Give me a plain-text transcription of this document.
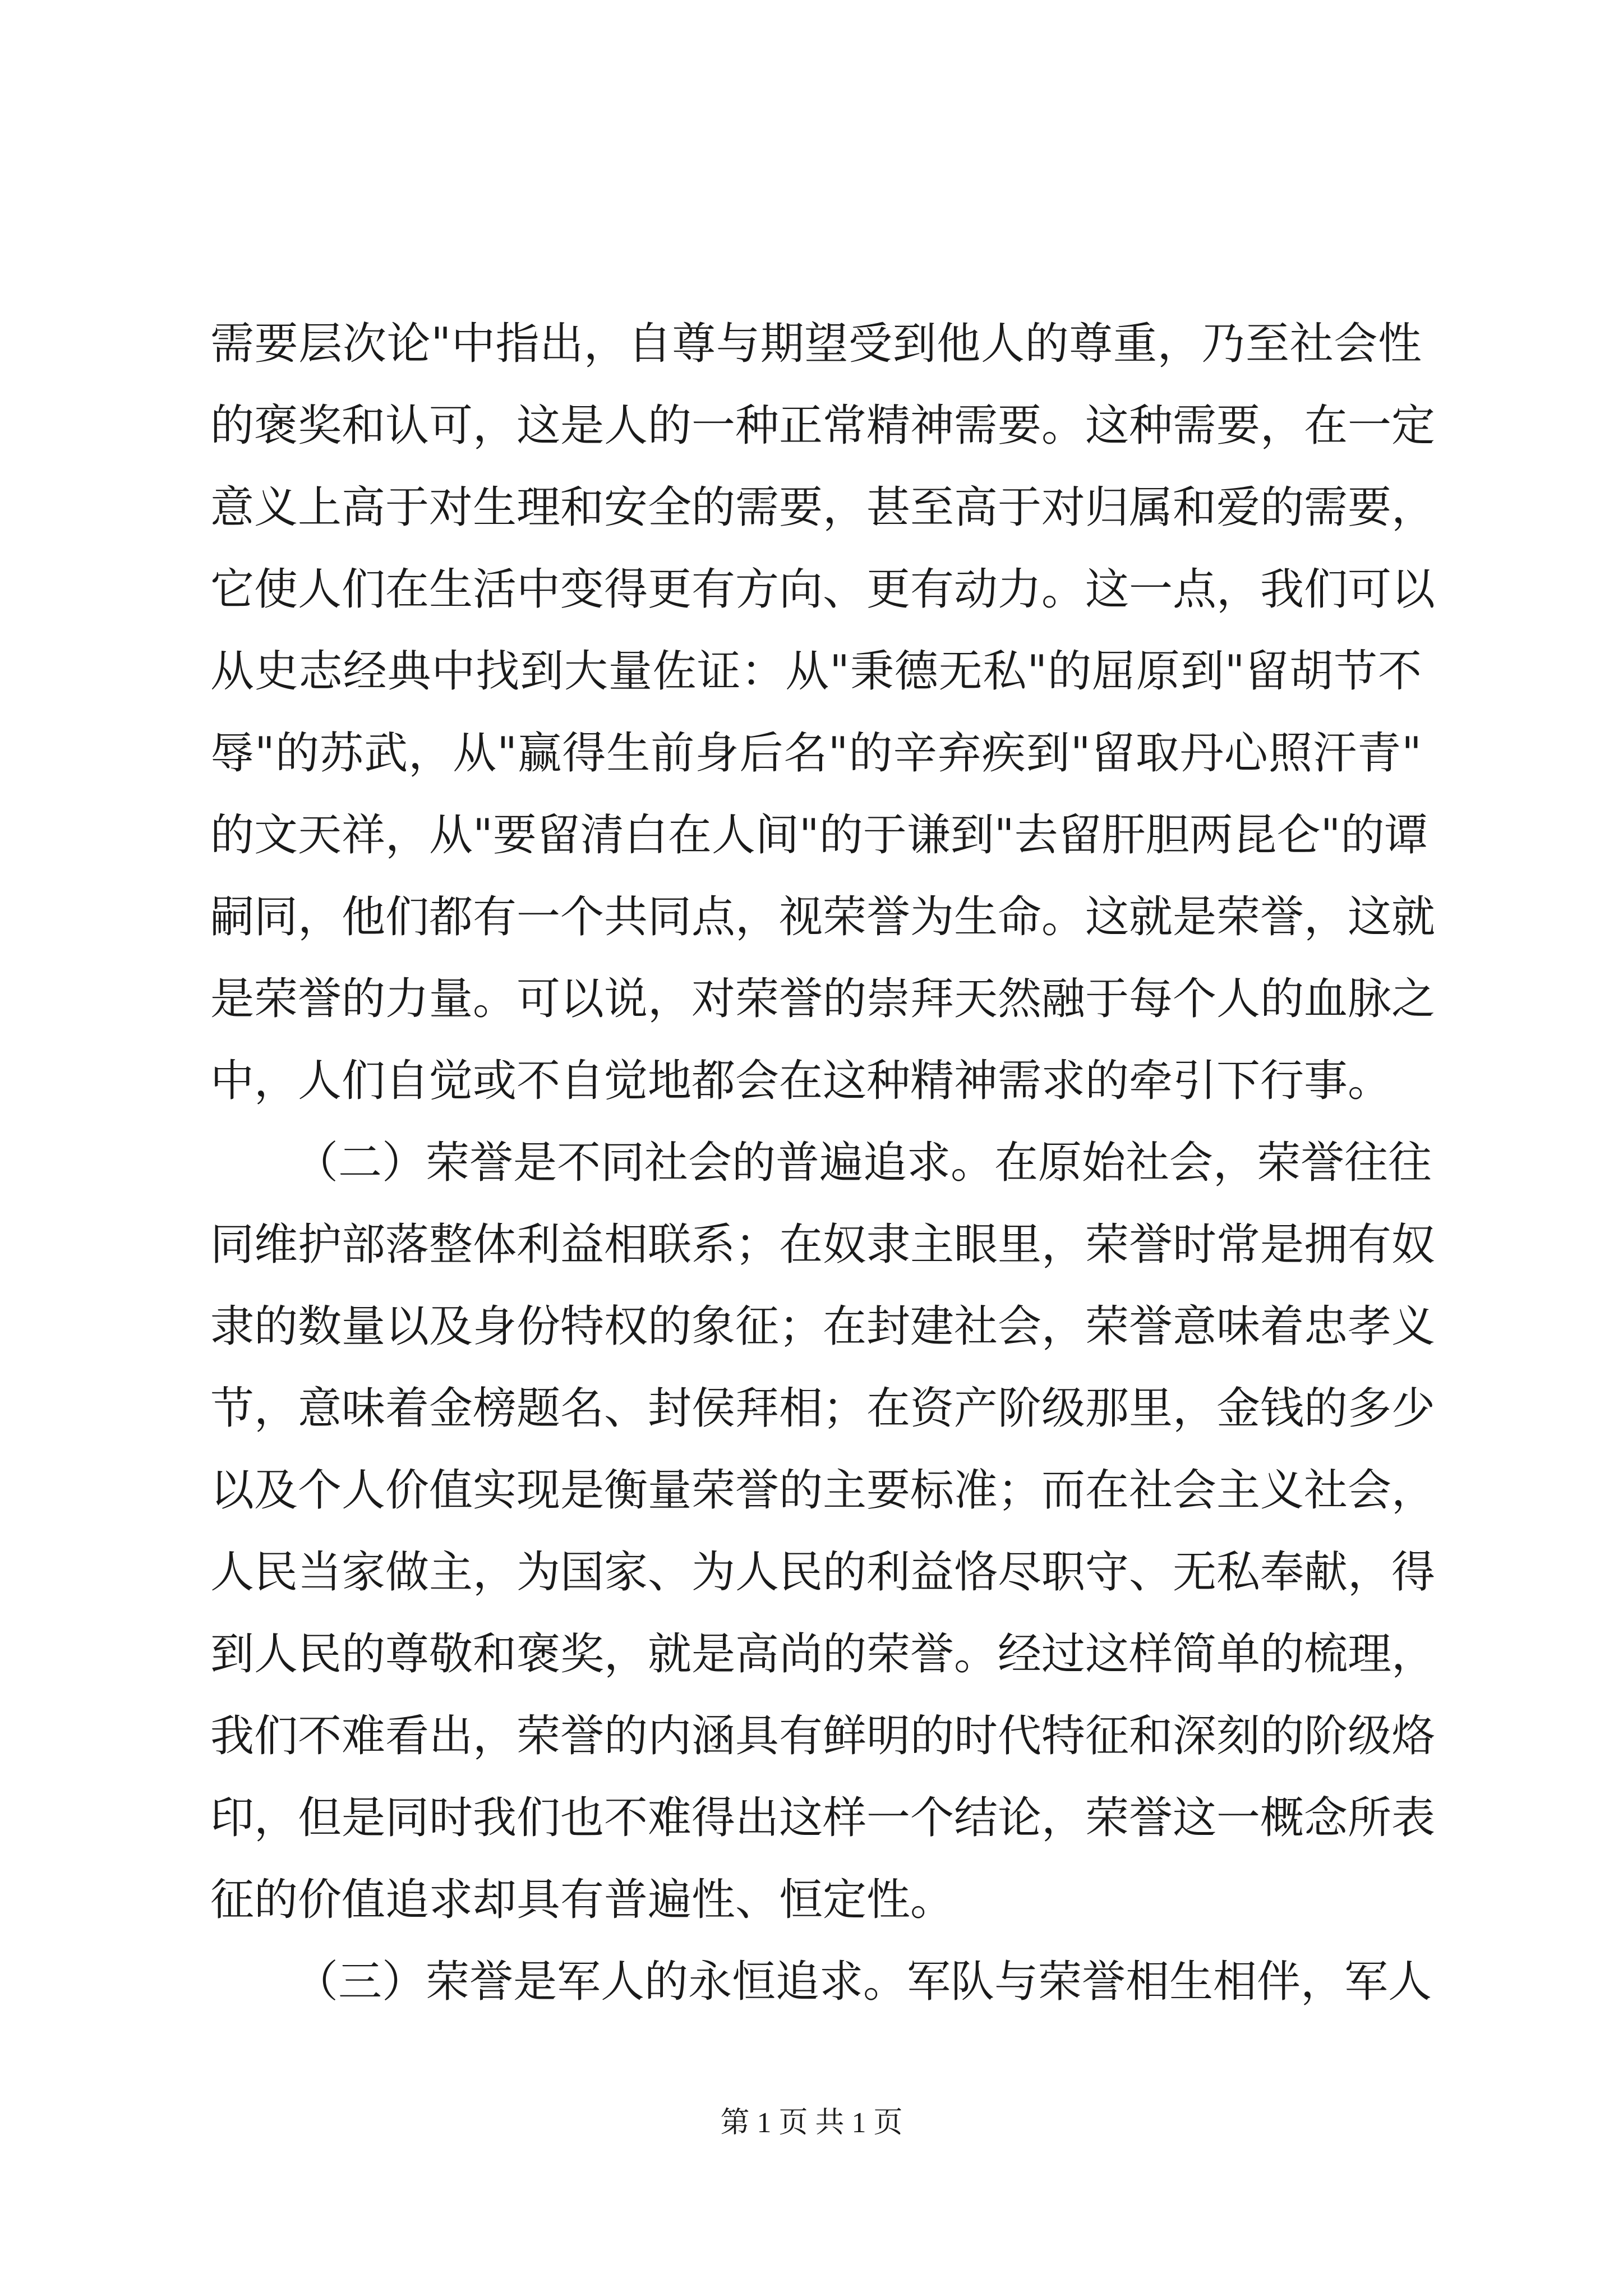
需要层次论"中指出，自尊与期望受到他人的尊重，乃至社会性
的褒奖和认可，这是人的一种正常精神需要。这种需要，在一定
意义上高于对生理和安全的需要，甚至高于对归属和爱的需要，
它使人们在生活中变得更有方向、更有动力。这一点，我们可以
从史志经典中找到大量佐证：从"秉德无私"的屈原到"留胡节不
辱"的苏武，从"赢得生前身后名"的辛弃疾到"留取丹心照汗青"
的文天祥，从"要留清白在人间"的于谦到"去留肝胆两昆仑"的谭
嗣同，他们都有一个共同点，视荣誉为生命。这就是荣誉，这就
是荣誉的力量。可以说，对荣誉的崇拜天然融于每个人的血脉之
中，人们自觉或不自觉地都会在这种精神需求的牵引下行事。
（二）荣誉是不同社会的普遍追求。在原始社会，荣誉往往
同维护部落整体利益相联系；在奴隶主眼里，荣誉时常是拥有奴
隶的数量以及身份特权的象征；在封建社会，荣誉意味着忠孝义
节，意味着金榜题名、封侯拜相；在资产阶级那里，金钱的多少
以及个人价值实现是衡量荣誉的主要标准；而在社会主义社会，
人民当家做主，为国家、为人民的利益恪尽职守、无私奉献，得
到人民的尊敬和褒奖，就是高尚的荣誉。经过这样简单的梳理，
我们不难看出，荣誉的内涵具有鲜明的时代特征和深刻的阶级烙
印，但是同时我们也不难得出这样一个结论，荣誉这一概念所表
征的价值追求却具有普遍性、恒定性。
（三）荣誉是军人的永恒追求。军队与荣誉相生相伴，军人
第 1 页 共 1 页
